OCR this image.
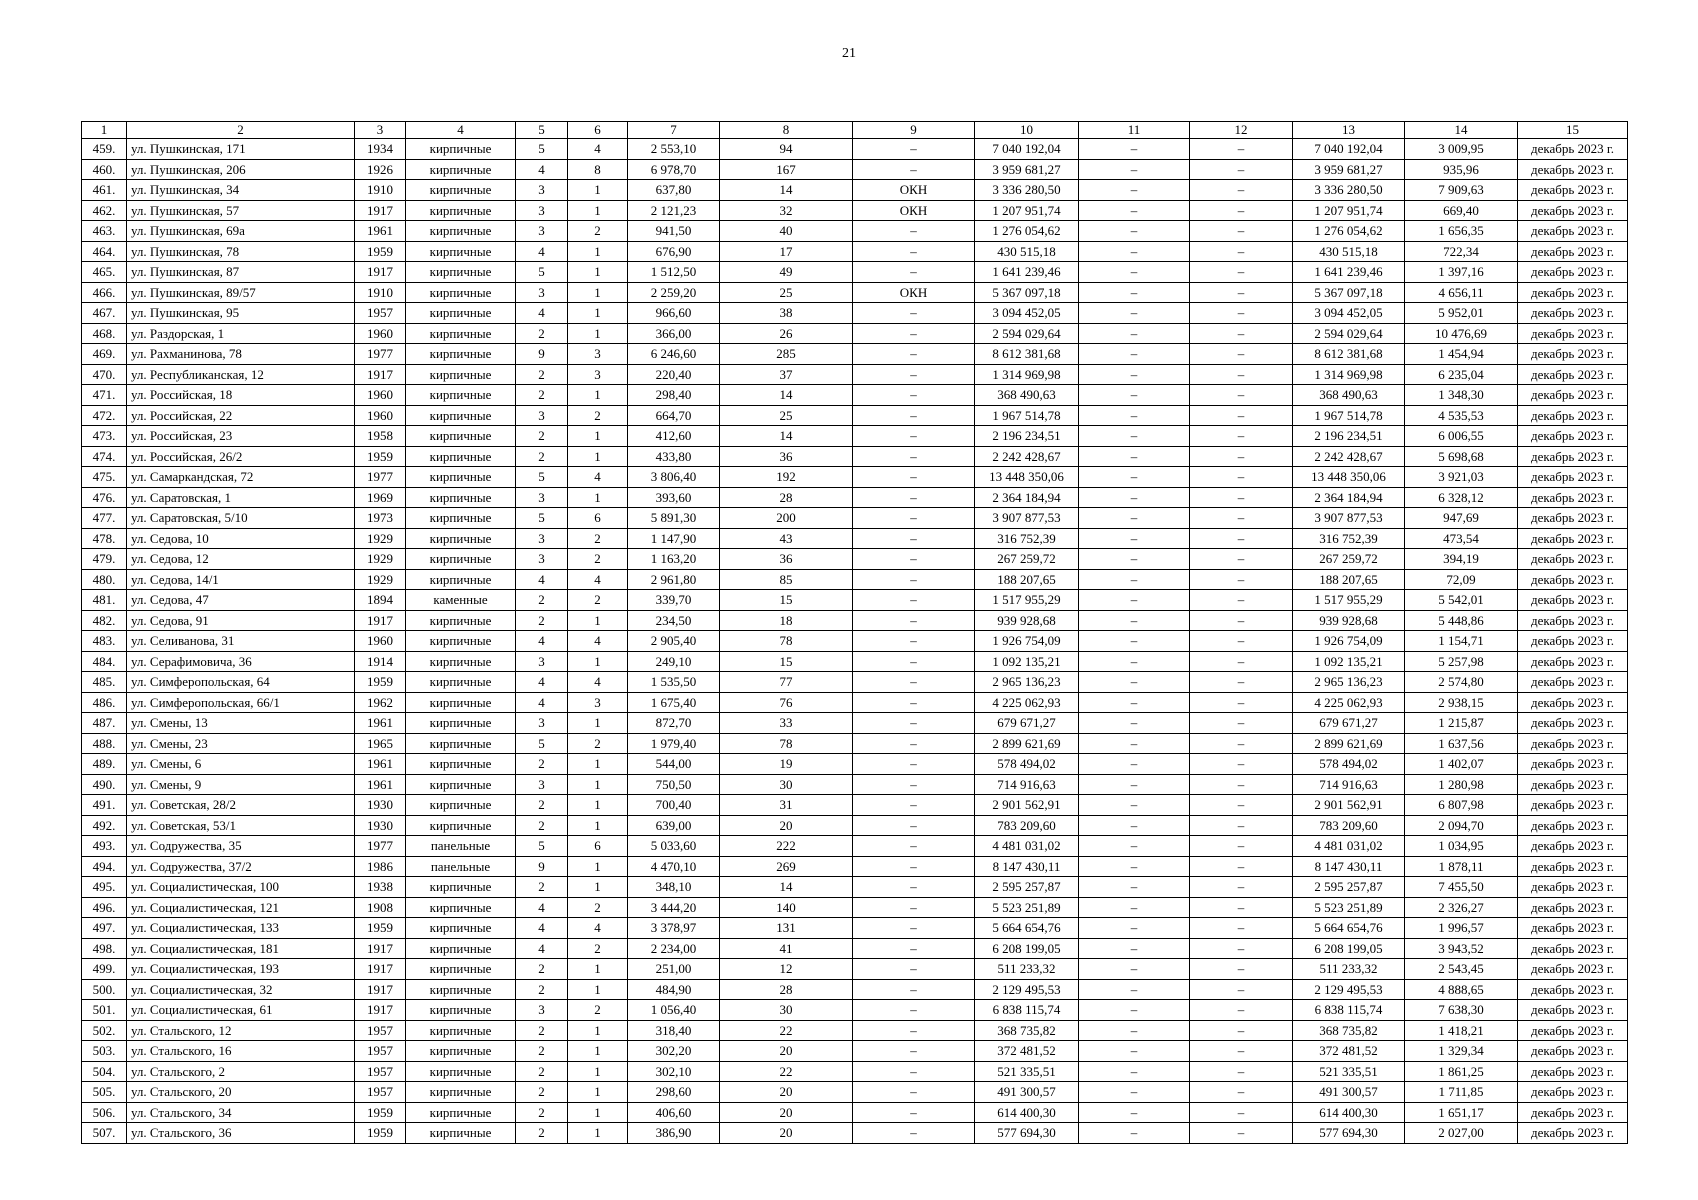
21
1	2	3	4	5	6	7	8	9	10	11	12	13	14	15
459.	ул. Пушкинская, 171	1934	кирпичные	5	4	2 553,10	94	–	7 040 192,04	–	–	7 040 192,04	3 009,95	декабрь 2023 г.
460.	ул. Пушкинская, 206	1926	кирпичные	4	8	6 978,70	167	–	3 959 681,27	–	–	3 959 681,27	935,96	декабрь 2023 г.
461.	ул. Пушкинская, 34	1910	кирпичные	3	1	637,80	14	ОКН	3 336 280,50	–	–	3 336 280,50	7 909,63	декабрь 2023 г.
462.	ул. Пушкинская, 57	1917	кирпичные	3	1	2 121,23	32	ОКН	1 207 951,74	–	–	1 207 951,74	669,40	декабрь 2023 г.
463.	ул. Пушкинская, 69а	1961	кирпичные	3	2	941,50	40	–	1 276 054,62	–	–	1 276 054,62	1 656,35	декабрь 2023 г.
464.	ул. Пушкинская, 78	1959	кирпичные	4	1	676,90	17	–	430 515,18	–	–	430 515,18	722,34	декабрь 2023 г.
465.	ул. Пушкинская, 87	1917	кирпичные	5	1	1 512,50	49	–	1 641 239,46	–	–	1 641 239,46	1 397,16	декабрь 2023 г.
466.	ул. Пушкинская, 89/57	1910	кирпичные	3	1	2 259,20	25	ОКН	5 367 097,18	–	–	5 367 097,18	4 656,11	декабрь 2023 г.
467.	ул. Пушкинская, 95	1957	кирпичные	4	1	966,60	38	–	3 094 452,05	–	–	3 094 452,05	5 952,01	декабрь 2023 г.
468.	ул. Раздорская, 1	1960	кирпичные	2	1	366,00	26	–	2 594 029,64	–	–	2 594 029,64	10 476,69	декабрь 2023 г.
469.	ул. Рахманинова, 78	1977	кирпичные	9	3	6 246,60	285	–	8 612 381,68	–	–	8 612 381,68	1 454,94	декабрь 2023 г.
470.	ул. Республиканская, 12	1917	кирпичные	2	3	220,40	37	–	1 314 969,98	–	–	1 314 969,98	6 235,04	декабрь 2023 г.
471.	ул. Российская, 18	1960	кирпичные	2	1	298,40	14	–	368 490,63	–	–	368 490,63	1 348,30	декабрь 2023 г.
472.	ул. Российская, 22	1960	кирпичные	3	2	664,70	25	–	1 967 514,78	–	–	1 967 514,78	4 535,53	декабрь 2023 г.
473.	ул. Российская, 23	1958	кирпичные	2	1	412,60	14	–	2 196 234,51	–	–	2 196 234,51	6 006,55	декабрь 2023 г.
474.	ул. Российская, 26/2	1959	кирпичные	2	1	433,80	36	–	2 242 428,67	–	–	2 242 428,67	5 698,68	декабрь 2023 г.
475.	ул. Самаркандская, 72	1977	кирпичные	5	4	3 806,40	192	–	13 448 350,06	–	–	13 448 350,06	3 921,03	декабрь 2023 г.
476.	ул. Саратовская, 1	1969	кирпичные	3	1	393,60	28	–	2 364 184,94	–	–	2 364 184,94	6 328,12	декабрь 2023 г.
477.	ул. Саратовская, 5/10	1973	кирпичные	5	6	5 891,30	200	–	3 907 877,53	–	–	3 907 877,53	947,69	декабрь 2023 г.
478.	ул. Седова, 10	1929	кирпичные	3	2	1 147,90	43	–	316 752,39	–	–	316 752,39	473,54	декабрь 2023 г.
479.	ул. Седова, 12	1929	кирпичные	3	2	1 163,20	36	–	267 259,72	–	–	267 259,72	394,19	декабрь 2023 г.
480.	ул. Седова, 14/1	1929	кирпичные	4	4	2 961,80	85	–	188 207,65	–	–	188 207,65	72,09	декабрь 2023 г.
481.	ул. Седова, 47	1894	каменные	2	2	339,70	15	–	1 517 955,29	–	–	1 517 955,29	5 542,01	декабрь 2023 г.
482.	ул. Седова, 91	1917	кирпичные	2	1	234,50	18	–	939 928,68	–	–	939 928,68	5 448,86	декабрь 2023 г.
483.	ул. Селиванова, 31	1960	кирпичные	4	4	2 905,40	78	–	1 926 754,09	–	–	1 926 754,09	1 154,71	декабрь 2023 г.
484.	ул. Серафимовича, 36	1914	кирпичные	3	1	249,10	15	–	1 092 135,21	–	–	1 092 135,21	5 257,98	декабрь 2023 г.
485.	ул. Симферопольская, 64	1959	кирпичные	4	4	1 535,50	77	–	2 965 136,23	–	–	2 965 136,23	2 574,80	декабрь 2023 г.
486.	ул. Симферопольская, 66/1	1962	кирпичные	4	3	1 675,40	76	–	4 225 062,93	–	–	4 225 062,93	2 938,15	декабрь 2023 г.
487.	ул. Смены, 13	1961	кирпичные	3	1	872,70	33	–	679 671,27	–	–	679 671,27	1 215,87	декабрь 2023 г.
488.	ул. Смены, 23	1965	кирпичные	5	2	1 979,40	78	–	2 899 621,69	–	–	2 899 621,69	1 637,56	декабрь 2023 г.
489.	ул. Смены, 6	1961	кирпичные	2	1	544,00	19	–	578 494,02	–	–	578 494,02	1 402,07	декабрь 2023 г.
490.	ул. Смены, 9	1961	кирпичные	3	1	750,50	30	–	714 916,63	–	–	714 916,63	1 280,98	декабрь 2023 г.
491.	ул. Советская, 28/2	1930	кирпичные	2	1	700,40	31	–	2 901 562,91	–	–	2 901 562,91	6 807,98	декабрь 2023 г.
492.	ул. Советская, 53/1	1930	кирпичные	2	1	639,00	20	–	783 209,60	–	–	783 209,60	2 094,70	декабрь 2023 г.
493.	ул. Содружества, 35	1977	панельные	5	6	5 033,60	222	–	4 481 031,02	–	–	4 481 031,02	1 034,95	декабрь 2023 г.
494.	ул. Содружества, 37/2	1986	панельные	9	1	4 470,10	269	–	8 147 430,11	–	–	8 147 430,11	1 878,11	декабрь 2023 г.
495.	ул. Социалистическая, 100	1938	кирпичные	2	1	348,10	14	–	2 595 257,87	–	–	2 595 257,87	7 455,50	декабрь 2023 г.
496.	ул. Социалистическая, 121	1908	кирпичные	4	2	3 444,20	140	–	5 523 251,89	–	–	5 523 251,89	2 326,27	декабрь 2023 г.
497.	ул. Социалистическая, 133	1959	кирпичные	4	4	3 378,97	131	–	5 664 654,76	–	–	5 664 654,76	1 996,57	декабрь 2023 г.
498.	ул. Социалистическая, 181	1917	кирпичные	4	2	2 234,00	41	–	6 208 199,05	–	–	6 208 199,05	3 943,52	декабрь 2023 г.
499.	ул. Социалистическая, 193	1917	кирпичные	2	1	251,00	12	–	511 233,32	–	–	511 233,32	2 543,45	декабрь 2023 г.
500.	ул. Социалистическая, 32	1917	кирпичные	2	1	484,90	28	–	2 129 495,53	–	–	2 129 495,53	4 888,65	декабрь 2023 г.
501.	ул. Социалистическая, 61	1917	кирпичные	3	2	1 056,40	30	–	6 838 115,74	–	–	6 838 115,74	7 638,30	декабрь 2023 г.
502.	ул. Стальского, 12	1957	кирпичные	2	1	318,40	22	–	368 735,82	–	–	368 735,82	1 418,21	декабрь 2023 г.
503.	ул. Стальского, 16	1957	кирпичные	2	1	302,20	20	–	372 481,52	–	–	372 481,52	1 329,34	декабрь 2023 г.
504.	ул. Стальского, 2	1957	кирпичные	2	1	302,10	22	–	521 335,51	–	–	521 335,51	1 861,25	декабрь 2023 г.
505.	ул. Стальского, 20	1957	кирпичные	2	1	298,60	20	–	491 300,57	–	–	491 300,57	1 711,85	декабрь 2023 г.
506.	ул. Стальского, 34	1959	кирпичные	2	1	406,60	20	–	614 400,30	–	–	614 400,30	1 651,17	декабрь 2023 г.
507.	ул. Стальского, 36	1959	кирпичные	2	1	386,90	20	–	577 694,30	–	–	577 694,30	2 027,00	декабрь 2023 г.
